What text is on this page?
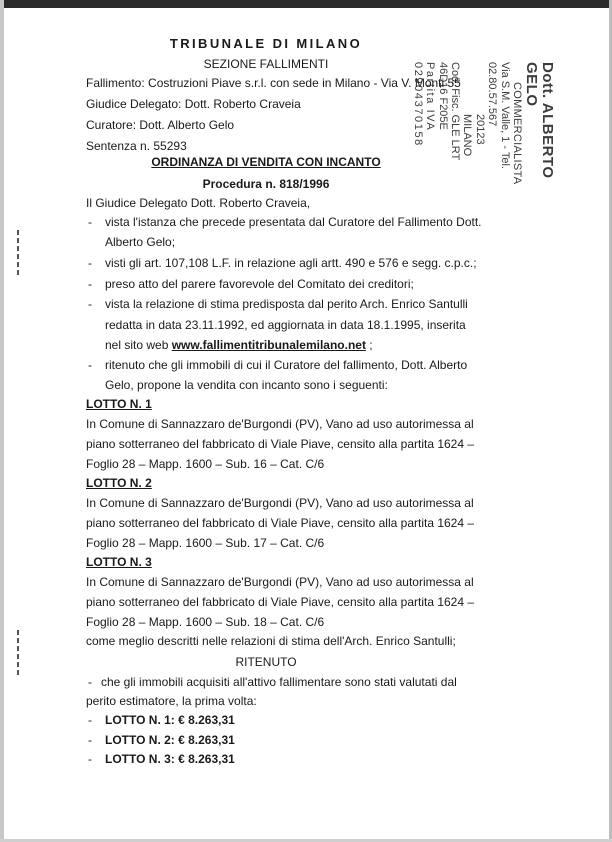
Dott. ALBERTO GELO
COMMERCIALISTA
Via S.M. Valle, 1 - Tel. 02.80.57.567
20123 MILANO
Cod. Fisc. GLE LRT 46D16 F205E
Partita IVA 02904370158
TRIBUNALE DI MILANO
SEZIONE FALLIMENTI
Fallimento: Costruzioni Piave s.r.l. con sede in Milano - Via V. Monti 55
Giudice Delegato: Dott. Roberto Craveia
Curatore: Dott. Alberto Gelo
Sentenza n. 55293
ORDINANZA DI VENDITA CON INCANTO
Procedura n. 818/1996
Il Giudice Delegato Dott. Roberto Craveia,
- vista l'istanza che precede presentata dal Curatore del Fallimento Dott.
Alberto Gelo;
- visti gli art. 107,108 L.F. in relazione agli artt. 490 e 576 e segg. c.p.c.;
- preso atto del parere favorevole del Comitato dei creditori;
- vista la relazione di stima predisposta dal perito Arch. Enrico Santulli
redatta in data 23.11.1992, ed aggiornata in data 18.1.1995, inserita
nel sito web www.fallimentitribunalemilano.net ;
- ritenuto che gli immobili di cui il Curatore del fallimento, Dott. Alberto
Gelo, propone la vendita con incanto sono i seguenti:
LOTTO N. 1
In Comune di Sannazzaro de'Burgondi (PV), Vano ad uso autorimessa al
piano sotterraneo del fabbricato di Viale Piave, censito alla partita 1624 –
Foglio 28 – Mapp. 1600 – Sub. 16 – Cat. C/6
LOTTO N. 2
In Comune di Sannazzaro de'Burgondi (PV), Vano ad uso autorimessa al
piano sotterraneo del fabbricato di Viale Piave, censito alla partita 1624 –
Foglio 28 – Mapp. 1600 – Sub. 17 – Cat. C/6
LOTTO N. 3
In Comune di Sannazzaro de'Burgondi (PV), Vano ad uso autorimessa al
piano sotterraneo del fabbricato di Viale Piave, censito alla partita 1624 –
Foglio 28 – Mapp. 1600 – Sub. 18 – Cat. C/6
come meglio descritti nelle relazioni di stima dell'Arch. Enrico Santulli;
RITENUTO
- che gli immobili acquisiti all'attivo fallimentare sono stati valutati dal
perito estimatore, la prima volta:
- LOTTO N. 1: € 8.263,31
- LOTTO N. 2: € 8.263,31
- LOTTO N. 3: € 8.263,31
